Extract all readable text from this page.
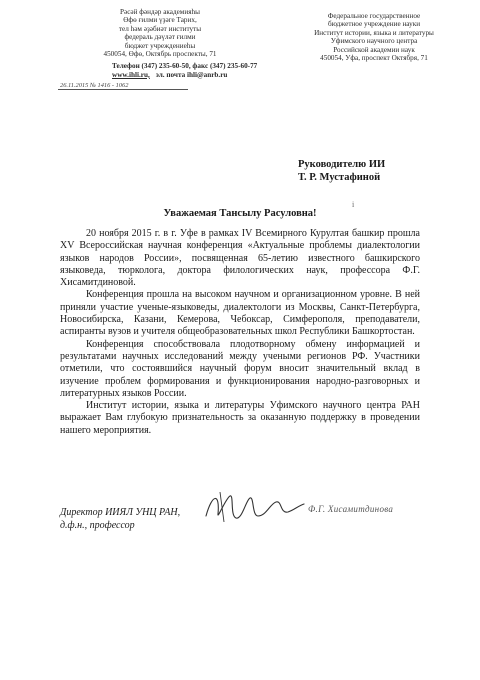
Рәсәй фәндәр академияһы
Өфө ғилми үҙәге Тарих,
тел һәм әҙәбиәт институты
федераль дәүләт ғилми
бюджет учреждениеһы
450054, Өфө, Октябрь проспекты, 71
Федеральное государственное
бюджетное учреждение науки
Институт истории, языка и литературы
Уфимского научного центра
Российской академии наук
450054, Уфа, проспект Октября, 71
Телефон (347) 235-60-50, факс (347) 235-60-77
www.ihli.ru, эл. почта ihli@anrb.ru
26.11.2015 № 1416 - 1062
Руководителю ИИ
Т. Р. Мустафиной
і
Уважаемая Тансылу Расуловна!

20 ноября 2015 г. в г. Уфе в рамках IV Всемирного Курултая башкир прошла XV Всероссийская научная конференция «Актуальные проблемы диалектологии языков народов России», посвященная 65-летию известного башкирского языковеда, тюрколога, доктора филологических наук, профессора Ф.Г. Хисамитдиновой.

Конференция прошла на высоком научном и организационном уровне. В ней приняли участие ученые-языковеды, диалектологи из Москвы, Санкт-Петербурга, Новосибирска, Казани, Кемерова, Чебоксар, Симферополя, преподаватели, аспиранты вузов и учителя общеобразовательных школ Республики Башкортостан.

Конференция способствовала плодотворному обмену информацией и результатами научных исследований между учеными регионов РФ. Участники отметили, что состоявшийся научный форум вносит значительный вклад в изучение проблем формирования и функционирования народно-разговорных и литературных языков России.

Институт истории, языка и литературы Уфимского научного центра РАН выражает Вам глубокую признательность за оказанную поддержку в проведении нашего мероприятия.

Директор ИИЯЛ УНЦ РАН,
д.ф.н., профессор
Ф.Г. Хисамитдинова
